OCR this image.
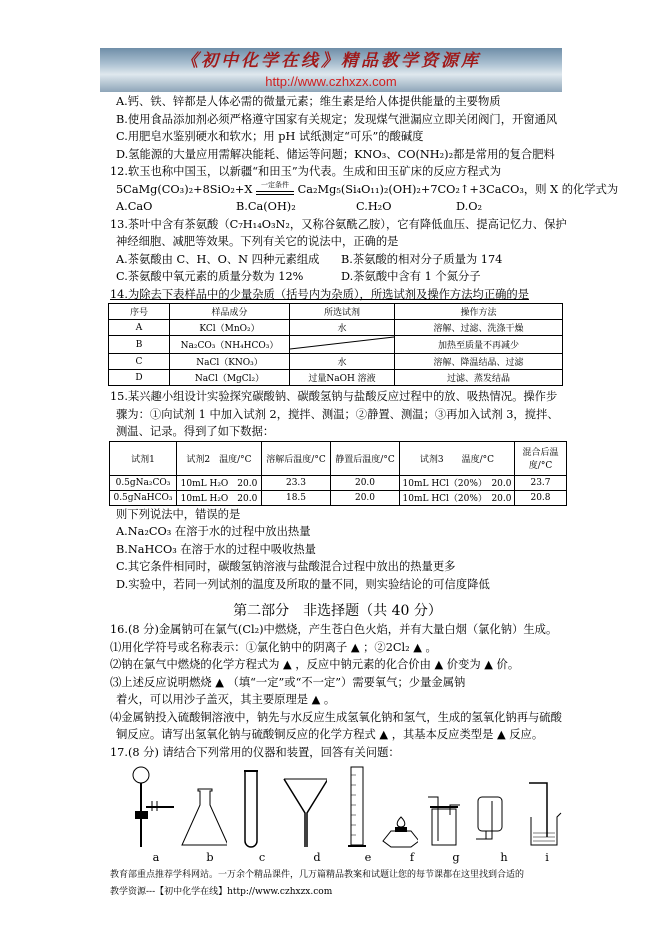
《初中化学在线》精品教学资源库
http://www.czhxzx.com
A.钙、铁、锌都是人体必需的微量元素；维生素是给人体提供能量的主要物质
B.使用食品添加剂必须严格遵守国家有关规定；发现煤气泄漏应立即关闭阀门，开窗通风
C.用肥皂水鉴别硬水和软水；用 pH 试纸测定“可乐”的酸碱度
D.氢能源的大量应用需解决能耗、储运等问题；KNO₃、CO(NH₂)₂都是常用的复合肥料
12.软玉也称中国玉，以新疆“和田玉”为代表。生成和田玉矿床的反应方程式为
5CaMg(CO₃)₂+8SiO₂+X	一定条件 Ca₂Mg₅(Si₄O₁₁)₂(OH)₂+7CO₂↑+3CaCO₃，则 X 的化学式为
A.CaO	B.Ca(OH)₂	C.H₂O	D.O₂
13.茶叶中含有茶氨酸（C₇H₁₄O₃N₂，又称谷氨酰乙胺），它有降低血压、提高记忆力、保护
神经细胞、减肥等效果。下列有关它的说法中，正确的是
A.茶氨酸由 C、H、O、N 四种元素组成	B.茶氨酸的相对分子质量为 174
C.茶氨酸中氧元素的质量分数为 12%	D.茶氨酸中含有 1 个氮分子
14.为除去下表样品中的少量杂质（括号内为杂质），所选试剂及操作方法均正确的是
序号	样品成分	所选试剂	操作方法
A	KCl（MnO₂）	水	溶解、过滤、洗涤干燥
B	Na₂CO₃（NH₄HCO₃）		加热至质量不再减少
C	NaCl（KNO₃）	水	溶解、降温结晶、过滤
D	NaCl（MgCl₂）	过量NaOH 溶液	过滤、蒸发结晶
15.某兴趣小组设计实验探究碳酸钠、碳酸氢钠与盐酸反应过程中的放、吸热情况。操作步
骤为：①向试剂 1 中加入试剂 2，搅拌、测温；②静置、测温；③再加入试剂 3，搅拌、
测温、记录。得到了如下数据：
试剂1	试剂2　温度/°C	溶解后温度/°C	静置后温度/°C	试剂3　　温度/°C	混合后温度/°C
0.5gNa₂CO₃	10mL H₂O　20.0	23.3	20.0	10mL HCl（20%）　20.0	23.7
0.5gNaHCO₃	10mL H₂O　20.0	18.5	20.0	10mL HCl（20%）　20.0	20.8
则下列说法中，错误的是
A.Na₂CO₃ 在溶于水的过程中放出热量
B.NaHCO₃ 在溶于水的过程中吸收热量
C.其它条件相同时，碳酸氢钠溶液与盐酸混合过程中放出的热量更多
D.实验中，若同一列试剂的温度及所取的量不同，则实验结论的可信度降低
第二部分　非选择题（共 40 分）
16.(8 分)金属钠可在氯气(Cl₂)中燃烧，产生苍白色火焰，并有大量白烟（氯化钠）生成。
⑴用化学符号或名称表示：①氯化钠中的阴离子 ▲ ；②2Cl₂ ▲ 。
⑵钠在氯气中燃烧的化学方程式为 ▲ ，反应中钠元素的化合价由 ▲ 价变为 ▲ 价。
⑶上述反应说明燃烧 ▲ （填“一定”或“不一定”）需要氧气；少量金属钠
着火，可以用沙子盖灭，其主要原理是 ▲ 。
⑷金属钠投入硫酸铜溶液中，钠先与水反应生成氢氧化钠和氢气，生成的氢氧化钠再与硫酸
铜反应。请写出氢氧化钠与硫酸铜反应的化学方程式 ▲ ，其基本反应类型是 ▲ 反应。
17.(8 分) 请结合下列常用的仪器和装置，回答有关问题：
a	b	c	d	e	f	g	h	i
教育部重点推荐学科网站。一万余个精品课件，几万篇精品教案和试题让您的每节课都在这里找到合适的
教学资源---【初中化学在线】http://www.czhxzx.com
